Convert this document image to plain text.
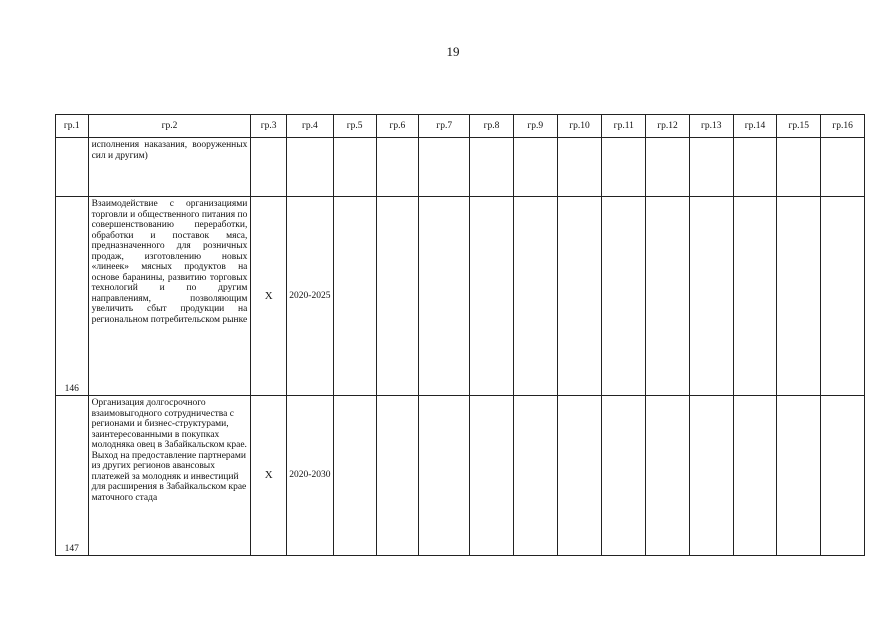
19
гр.1	гр.2	гр.3	гр.4	гр.5	гр.6	гр.7	гр.8	гр.9	гр.10	гр.11	гр.12	гр.13	гр.14	гр.15	гр.16
	исполнения наказания, вооруженных сил и другим)														
146	Взаимодействие с организациями торговли и общественного питания по совершенствованию переработки, обработки и поставок мяса, предназначенного для розничных продаж, изготовлению новых «линеек» мясных продуктов на основе баранины, развитию торговых технологий и по другим направлениям, позволяющим увеличить сбыт продукции на региональном потребительском рынке	Х	2020-2025												
147	Организация долгосрочного взаимовыгодного сотрудничества с регионами и бизнес-структурами, заинтересованными в покупках молодняка овец в Забайкальском крае. Выход на предоставление партнерами из других регионов авансовых платежей за молодняк и инвестиций для расширения в Забайкальском крае маточного стада	Х	2020-2030												
